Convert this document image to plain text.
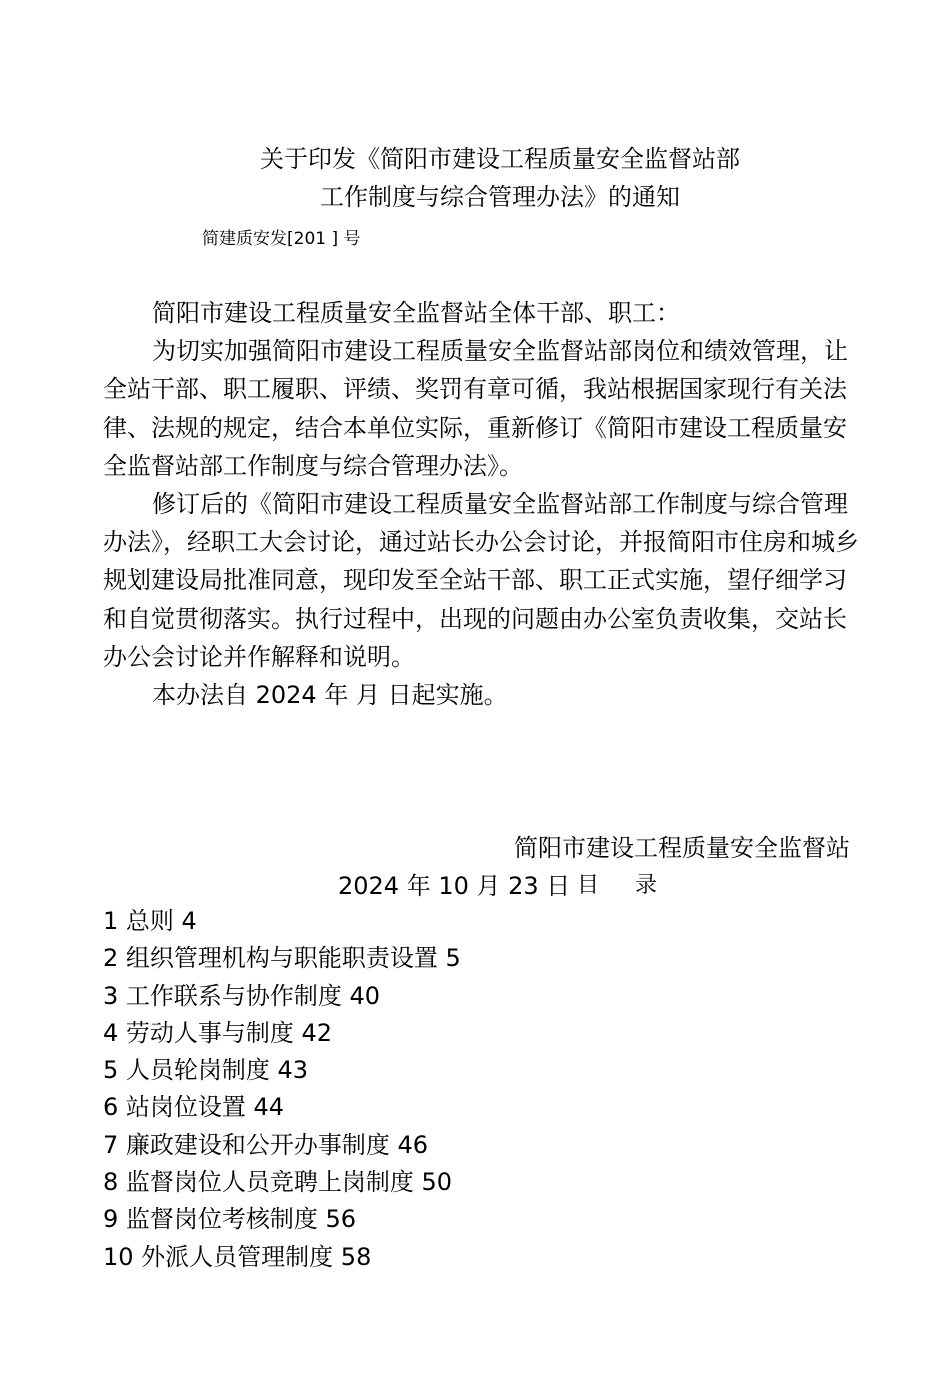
关于印发《简阳市建设工程质量安全监督站部
工作制度与综合管理办法》的通知
简建质安发[201 ] 号

简阳市建设工程质量安全监督站全体干部、职工：

为切实加强简阳市建设工程质量安全监督站部岗位和绩效管理，让全站干部、职工履职、评绩、奖罚有章可循，我站根据国家现行有关法律、法规的规定，结合本单位实际，重新修订《简阳市建设工程质量安全监督站部工作制度与综合管理办法》。

修订后的《简阳市建设工程质量安全监督站部工作制度与综合管理办法》，经职工大会讨论，通过站长办公会讨论，并报简阳市住房和城乡规划建设局批准同意，现印发至全站干部、职工正式实施，望仔细学习和自觉贯彻落实。执行过程中，出现的问题由办公室负责收集，交站长办公会讨论并作解释和说明。

本办法自 2024 年 月 日起实施。

简阳市建设工程质量安全监督站
2024 年 10 月 23 日 目 录
1 总则 4
2 组织管理机构与职能职责设置 5
3 工作联系与协作制度 40
4 劳动人事与制度 42
5 人员轮岗制度 43
6 站岗位设置 44
7 廉政建设和公开办事制度 46
8 监督岗位人员竞聘上岗制度 50
9 监督岗位考核制度 56
10 外派人员管理制度 58
